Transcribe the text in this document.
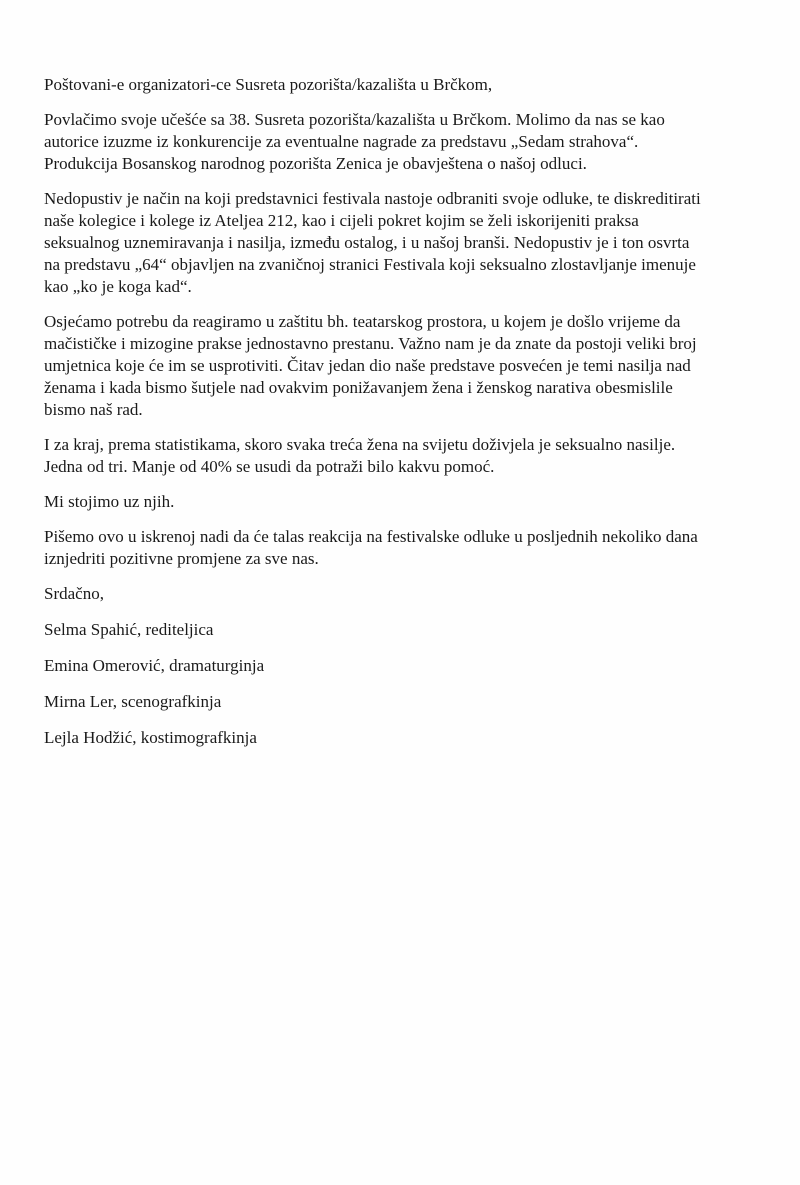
Poštovani-e organizatori-ce Susreta pozorišta/kazališta u Brčkom,

Povlačimo svoje učešće sa 38. Susreta pozorišta/kazališta u Brčkom. Molimo da nas se kao
autorice izuzme iz konkurencije za eventualne nagrade za predstavu „Sedam strahova“.
Produkcija Bosanskog narodnog pozorišta Zenica je obavještena o našoj odluci.

Nedopustiv je način na koji predstavnici festivala nastoje odbraniti svoje odluke, te diskreditirati
naše kolegice i kolege iz Ateljea 212, kao i cijeli pokret kojim se želi iskorijeniti praksa
seksualnog uznemiravanja i nasilja, između ostalog, i u našoj branši. Nedopustiv je i ton osvrta
na predstavu „64“ objavljen na zvaničnoj stranici Festivala koji seksualno zlostavljanje imenuje
kao „ko je koga kad“.

Osjećamo potrebu da reagiramo u zaštitu bh. teatarskog prostora, u kojem je došlo vrijeme da
mačističke i mizogine prakse jednostavno prestanu. Važno nam je da znate da postoji veliki broj
umjetnica koje će im se usprotiviti. Čitav jedan dio naše predstave posvećen je temi nasilja nad
ženama i kada bismo šutjele nad ovakvim ponižavanjem žena i ženskog narativa obesmislile
bismo naš rad.

I za kraj, prema statistikama, skoro svaka treća žena na svijetu doživjela je seksualno nasilje.
Jedna od tri. Manje od 40% se usudi da potraži bilo kakvu pomoć.

Mi stojimo uz njih.

Pišemo ovo u iskrenoj nadi da će talas reakcija na festivalske odluke u posljednih nekoliko dana
iznjedriti pozitivne promjene za sve nas.

Srdačno,

Selma Spahić, rediteljica

Emina Omerović, dramaturginja

Mirna Ler, scenografkinja

Lejla Hodžić, kostimografkinja
